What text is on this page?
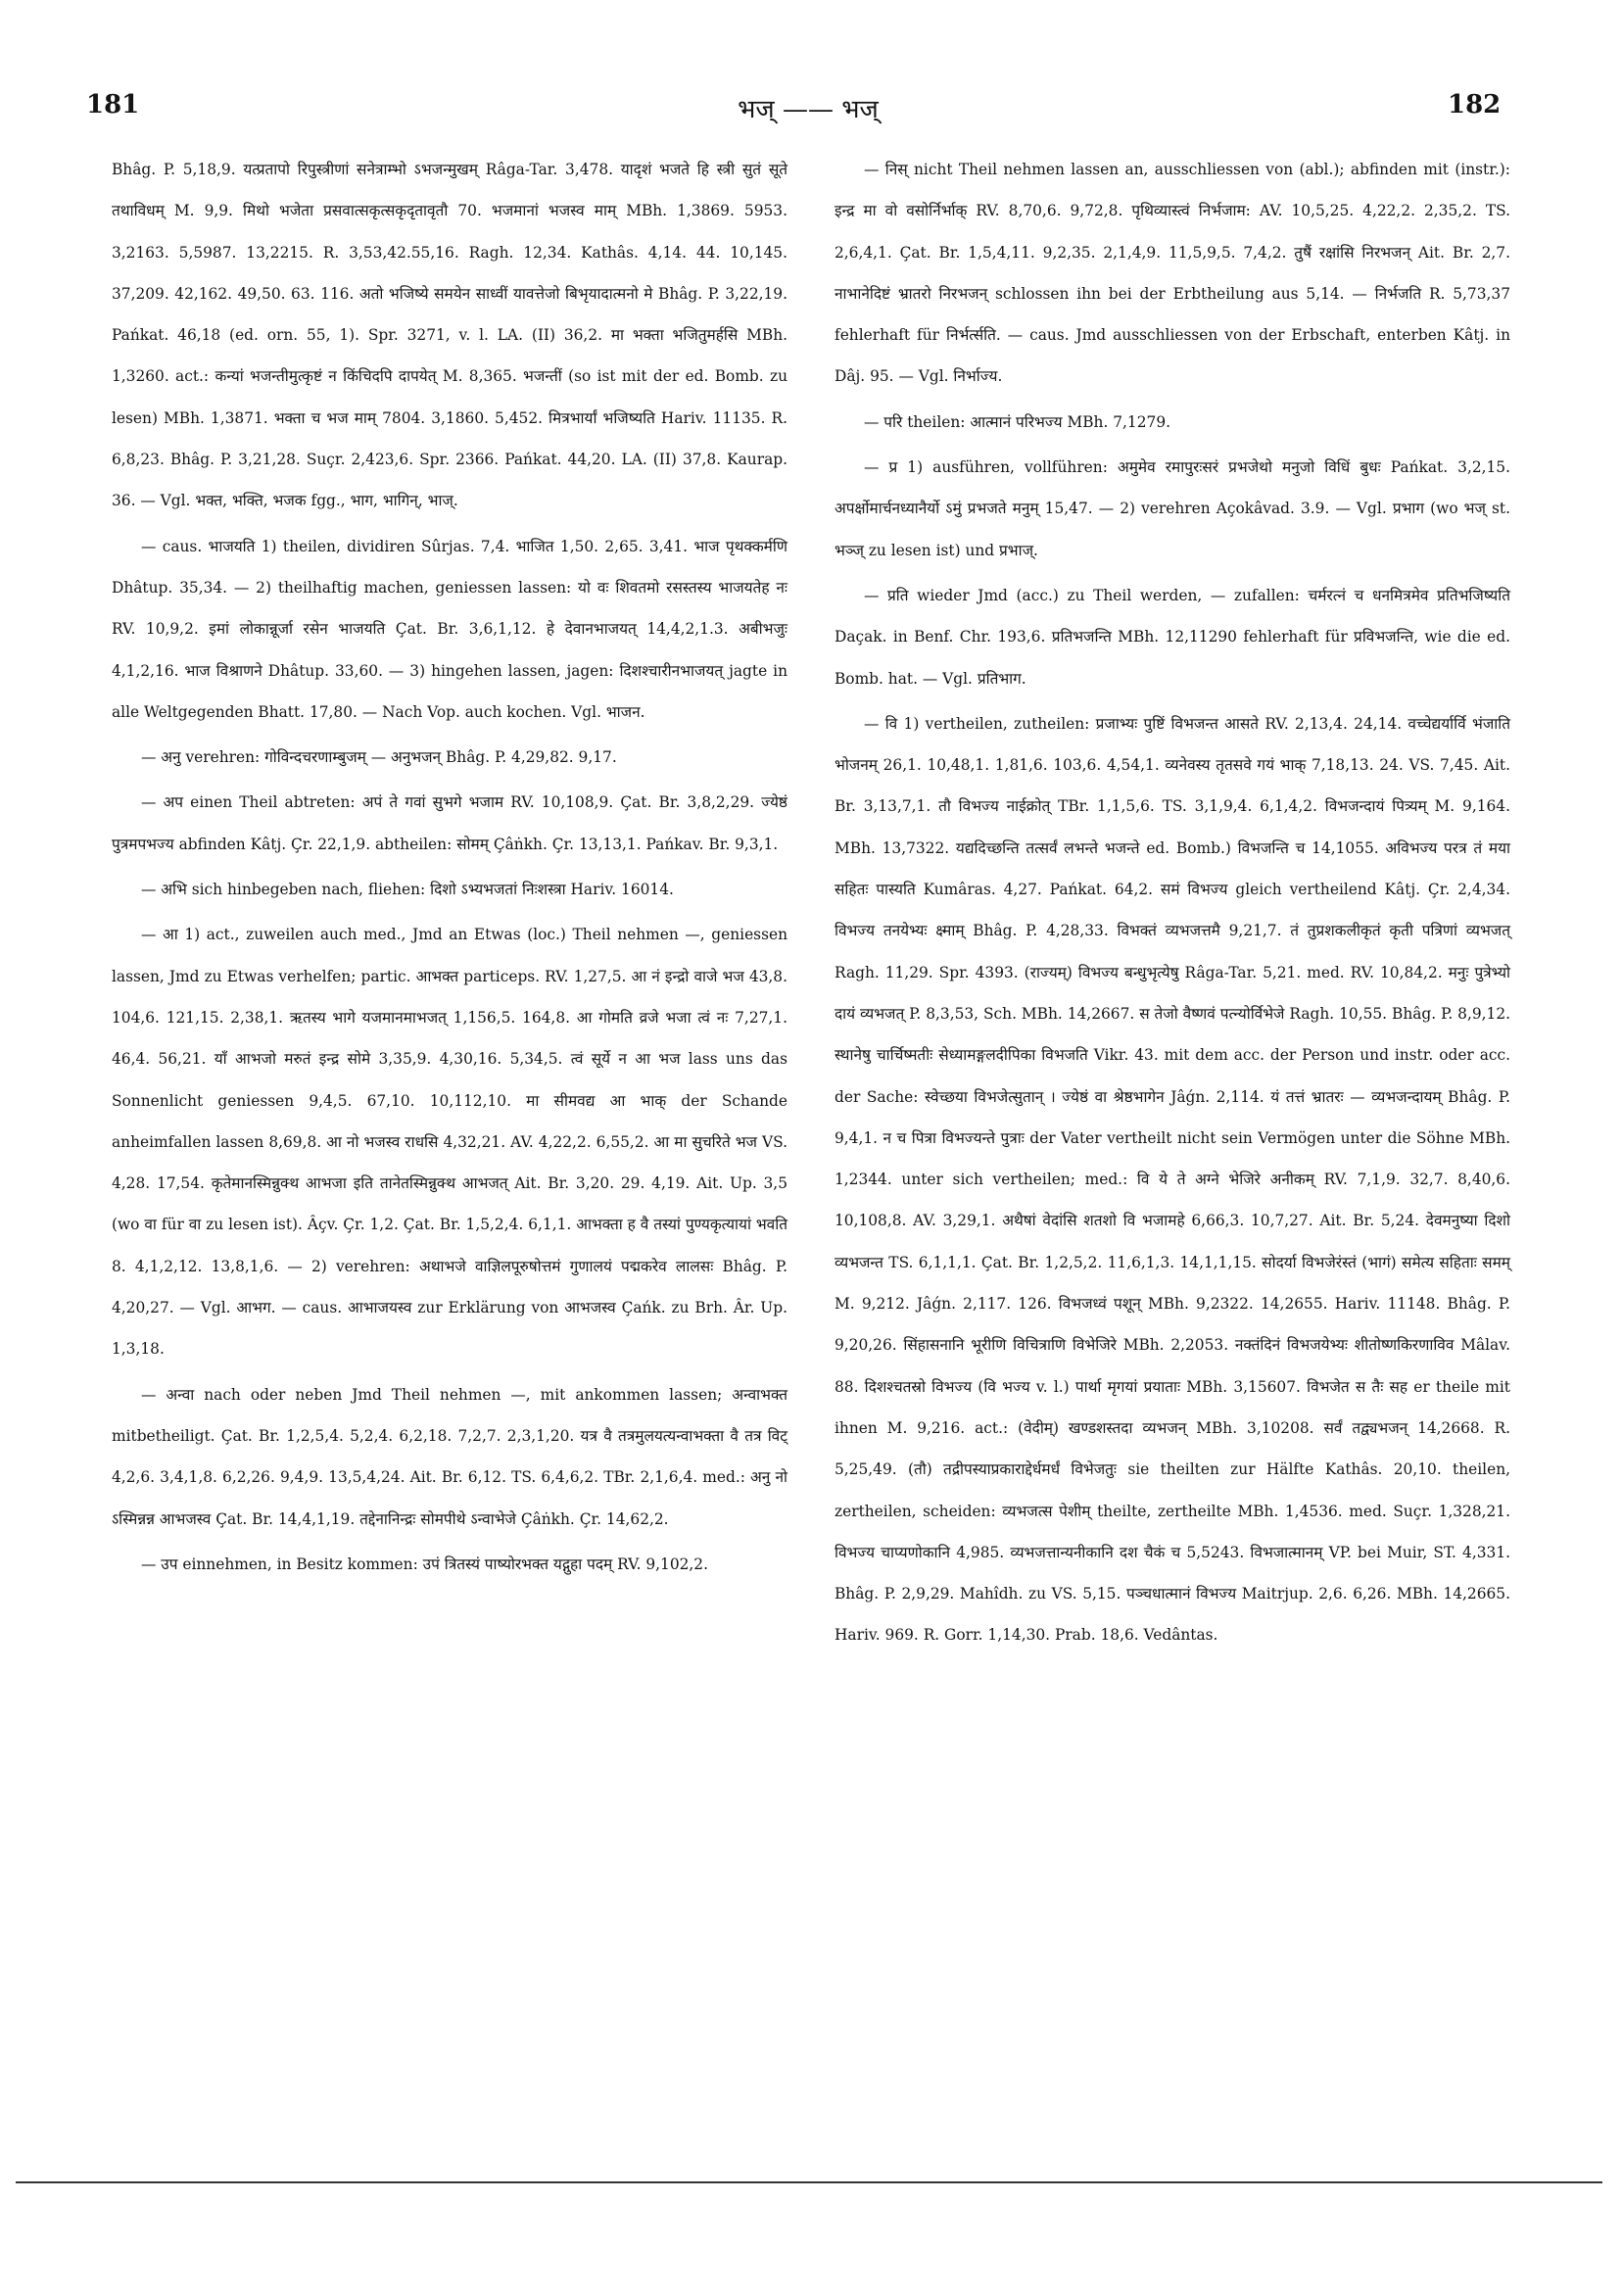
181	भज् —— भज्	182

Bhâg. P. 5,18,9. यत्प्रतापो रिपुस्त्रीणां सनेत्राम्भो ऽभजन्मुखम् Râga-Tar. 3,478. यादृशं भजते हि स्त्री सुतं सूते तथाविधम् M. 9,9. मिथो भजेता प्रसवात्सकृत्सकृदृतावृतौ 70. भजमानां भजस्व माम् MBh. 1,3869. 5953. 3,2163. 5,5987. 13,2215. R. 3,53,42.55,16. Ragh. 12,34. Kathâs. 4,14. 44. 10,145. 37,209. 42,162. 49,50. 63. 116. अतो भजिष्ये समयेन साध्वीं यावत्तेजो बिभृयादात्मनो मे Bhâg. P. 3,22,19. Pańkat. 46,18 (ed. orn. 55, 1). Spr. 3271, v. l. LA. (II) 36,2. मा भक्ता भजितुमर्हसि MBh. 1,3260. act.: कन्यां भजन्तीमुत्कृष्टं न किंचिदपि दापयेत् M. 8,365. भजन्तीं (so ist mit der ed. Bomb. zu lesen) MBh. 1,3871. भक्ता च भज माम् 7804. 3,1860. 5,452. मित्रभार्यां भजिष्यति Hariv. 11135. R. 6,8,23. Bhâg. P. 3,21,28. Suçr. 2,423,6. Spr. 2366. Pańkat. 44,20. LA. (II) 37,8. Kaurap. 36. — Vgl. भक्त, भक्ति, भजक fgg., भाग, भागिन्, भाज्.

— caus. भाजयति 1) theilen, dividiren Sûrjas. 7,4. भाजित 1,50. 2,65. 3,41. भाज पृथक्कर्मणि Dhâtup. 35,34. — 2) theilhaftig machen, geniessen lassen: यो वः शिवतमो रसस्तस्य भाजयतेह नः RV. 10,9,2. इमां लोकान्नूर्जा रसेन भाजयति Çat. Br. 3,6,1,12. हे देवानभाजयत् 14,4,2,1.3. अबीभजुः 4,1,2,16. भाज विश्राणने Dhâtup. 33,60. — 3) hingehen lassen, jagen: दिशश्चारीनभाजयत् jagte in alle Weltgegenden Bhatt. 17,80. — Nach Vop. auch kochen. Vgl. भाजन.

— अनु verehren: गोविन्दचरणाम्बुजम् — अनुभजन् Bhâg. P. 4,29,82. 9,17.

— अप einen Theil abtreten: अपं ते गवां सुभगे भजाम RV. 10,108,9. Çat. Br. 3,8,2,29. ज्येष्ठं पुत्रमपभज्य abfinden Kâtj. Çr. 22,1,9. abtheilen: सोमम् Çâṅkh. Çr. 13,13,1. Pańkav. Br. 9,3,1.

— अभि sich hinbegeben nach, fliehen: दिशो ऽभ्यभजतां निःशस्त्रा Hariv. 16014.

— आ 1) act., zuweilen auch med., Jmd an Etwas (loc.) Theil nehmen —, geniessen lassen, Jmd zu Etwas verhelfen; partic. आभक्त particeps. RV. 1,27,5. आ नं इन्द्रो वाजे भज 43,8. 104,6. 121,15. 2,38,1. ऋतस्य भागे यजमानमाभजत् 1,156,5. 164,8. आ गोमति व्रजे भजा त्वं नः 7,27,1. 46,4. 56,21. याँ आभजो मरुतं इन्द्र सोमे 3,35,9. 4,30,16. 5,34,5. त्वं सूर्ये न आ भज lass uns das Sonnenlicht geniessen 9,4,5. 67,10. 10,112,10. मा सीमवद्य आ भाक् der Schande anheimfallen lassen 8,69,8. आ नो भजस्व राधसि 4,32,21. AV. 4,22,2. 6,55,2. आ मा सुचरिते भज VS. 4,28. 17,54. कृतेमानस्मिन्नुक्थ आभजा इति तानेतस्मिन्नुक्थ आभजत् Ait. Br. 3,20. 29. 4,19. Ait. Up. 3,5 (wo वा für वा zu lesen ist). Âçv. Çr. 1,2. Çat. Br. 1,5,2,4. 6,1,1. आभक्ता ह वै तस्यां पुण्यकृत्यायां भवति 8. 4,1,2,12. 13,8,1,6. — 2) verehren: अथाभजे वाज्ञिलपूरुषोत्तमं गुणालयं पद्मकरेव लालसः Bhâg. P. 4,20,27. — Vgl. आभग. — caus. आभाजयस्व zur Erklärung von आभजस्व Çańk. zu Brh. Âr. Up. 1,3,18.

— अन्वा nach oder neben Jmd Theil nehmen —, mit ankommen lassen; अन्वाभक्त mitbetheiligt. Çat. Br. 1,2,5,4. 5,2,4. 6,2,18. 7,2,7. 2,3,1,20. यत्र वै तत्रमुलयत्यन्वाभक्ता वै तत्र विट् 4,2,6. 3,4,1,8. 6,2,26. 9,4,9. 13,5,4,24. Ait. Br. 6,12. TS. 6,4,6,2. TBr. 2,1,6,4. med.: अनु नो ऽस्मिन्नन्न आभजस्व Çat. Br. 14,4,1,19. तद्देनानिन्द्रः सोमपीथे ऽन्वाभेजे Çâṅkh. Çr. 14,62,2.

— उप einnehmen, in Besitz kommen: उपं त्रितस्यं पाष्योरभक्त यद्गुहा पदम् RV. 9,102,2.

— निस् nicht Theil nehmen lassen an, ausschliessen von (abl.); abfinden mit (instr.): इन्द्र मा वो वसोर्निर्भाक् RV. 8,70,6. 9,72,8. पृथिव्यास्त्वं निर्भजाम: AV. 10,5,25. 4,22,2. 2,35,2. TS. 2,6,4,1. Çat. Br. 1,5,4,11. 9,2,35. 2,1,4,9. 11,5,9,5. 7,4,2. तुषैं रक्षांसि निरभजन् Ait. Br. 2,7. नाभानेदिष्टं भ्रातरो निरभजन् schlossen ihn bei der Erbtheilung aus 5,14. — निर्भजति R. 5,73,37 fehlerhaft für निर्भर्त्सति. — caus. Jmd ausschliessen von der Erbschaft, enterben Kâtj. in Dâj. 95. — Vgl. निर्भाज्य.

— परि theilen: आत्मानं परिभज्य MBh. 7,1279.

— प्र 1) ausführen, vollführen: अमुमेव रमापुरःसरं प्रभजेथो मनुजो विधिं बुधः Pańkat. 3,2,15. अपर्क्षोमार्चनध्यानैर्यो ऽमुं प्रभजते मनुम् 15,47. — 2) verehren Açokâvad. 3.9. — Vgl. प्रभाग (wo भज् st. भञ्ज् zu lesen ist) und प्रभाज्.

— प्रति wieder Jmd (acc.) zu Theil werden, — zufallen: चर्मरत्नं च धनमित्रमेव प्रतिभजिष्यति Daçak. in Benf. Chr. 193,6. प्रतिभजन्ति MBh. 12,11290 fehlerhaft für प्रविभजन्ति, wie die ed. Bomb. hat. — Vgl. प्रतिभाग.

— वि 1) vertheilen, zutheilen: प्रजाभ्यः पुष्टिं विभजन्त आसते RV. 2,13,4. 24,14. वच्चेद्यर्यार्वि भंजाति भोजनम् 26,1. 10,48,1. 1,81,6. 103,6. 4,54,1. व्यनेवस्य तृतसवे गयं भाक् 7,18,13. 24. VS. 7,45. Ait. Br. 3,13,7,1. तौ विभज्य नाईक्रोत् TBr. 1,1,5,6. TS. 3,1,9,4. 6,1,4,2. विभजन्दायं पित्र्यम् M. 9,164. MBh. 13,7322. यद्यदिच्छन्ति तत्सर्वं लभन्ते भजन्ते ed. Bomb.) विभजन्ति च 14,1055. अविभज्य परत्र तं मया सहितः पास्यति Kumâras. 4,27. Pańkat. 64,2. समं विभज्य gleich vertheilend Kâtj. Çr. 2,4,34. विभज्य तनयेभ्यः क्ष्माम् Bhâg. P. 4,28,33. विभक्तं व्यभजत्तमै 9,21,7. तं तुप्रशकलीकृतं कृती पत्रिणां व्यभजत् Ragh. 11,29. Spr. 4393. (राज्यम्) विभज्य बन्धुभृत्येषु Râga-Tar. 5,21. med. RV. 10,84,2. मनुः पुत्रेभ्यो दायं व्यभजत् P. 8,3,53, Sch. MBh. 14,2667. स तेजो वैष्णवं पत्न्योर्विभेजे Ragh. 10,55. Bhâg. P. 8,9,12. स्थानेषु चार्चिष्मतीः सेध्यामङ्गलदीपिका विभजति Vikr. 43. mit dem acc. der Person und instr. oder acc. der Sache: स्वेच्छया विभजेत्सुतान् । ज्येष्ठं वा श्रेष्ठभागेन Jâǵn. 2,114. यं तत्तं भ्रातरः — व्यभजन्दायम् Bhâg. P. 9,4,1. न च पित्रा विभज्यन्ते पुत्राः der Vater vertheilt nicht sein Vermögen unter die Söhne MBh. 1,2344. unter sich vertheilen; med.: वि ये ते अग्ने भेजिरे अनीकम् RV. 7,1,9. 32,7. 8,40,6. 10,108,8. AV. 3,29,1. अथैषां वेदांसि शतशो वि भजामहे 6,66,3. 10,7,27. Ait. Br. 5,24. देवमनुष्या दिशो व्यभजन्त TS. 6,1,1,1. Çat. Br. 1,2,5,2. 11,6,1,3. 14,1,1,15. सोदर्या विभजेरंस्तं (भागं) समेत्य सहिताः समम् M. 9,212. Jâǵn. 2,117. 126. विभजध्वं पशून् MBh. 9,2322. 14,2655. Hariv. 11148. Bhâg. P. 9,20,26. सिंहासनानि भूरीणि विचित्राणि विभेजिरे MBh. 2,2053. नक्तंदिनं विभजयेभ्यः शीतोष्णकिरणाविव Mâlav. 88. दिशश्चतस्रो विभज्य (वि भज्य v. l.) पार्था मृगयां प्रयाताः MBh. 3,15607. विभजेत स तैः सह er theile mit ihnen M. 9,216. act.: (वेदीम्) खण्डशस्तदा व्यभजन् MBh. 3,10208. सर्वं तद्व्यभजन् 14,2668. R. 5,25,49. (तौ) तद्रीपस्याप्रकाराद्देर्धमर्धं विभेजतुः sie theilten zur Hälfte Kathâs. 20,10. theilen, zertheilen, scheiden: व्यभजत्स पेशीम् theilte, zertheilte MBh. 1,4536. med. Suçr. 1,328,21. विभज्य चाप्यणोकानि 4,985. व्यभजत्तान्यनीकानि दश चैकं च 5,5243. विभजात्मानम् VP. bei Muir, ST. 4,331. Bhâg. P. 2,9,29. Mahîdh. zu VS. 5,15. पञ्चधात्मानं विभज्य Maitrjup. 2,6. 6,26. MBh. 14,2665. Hariv. 969. R. Gorr. 1,14,30. Prab. 18,6. Vedântas.
